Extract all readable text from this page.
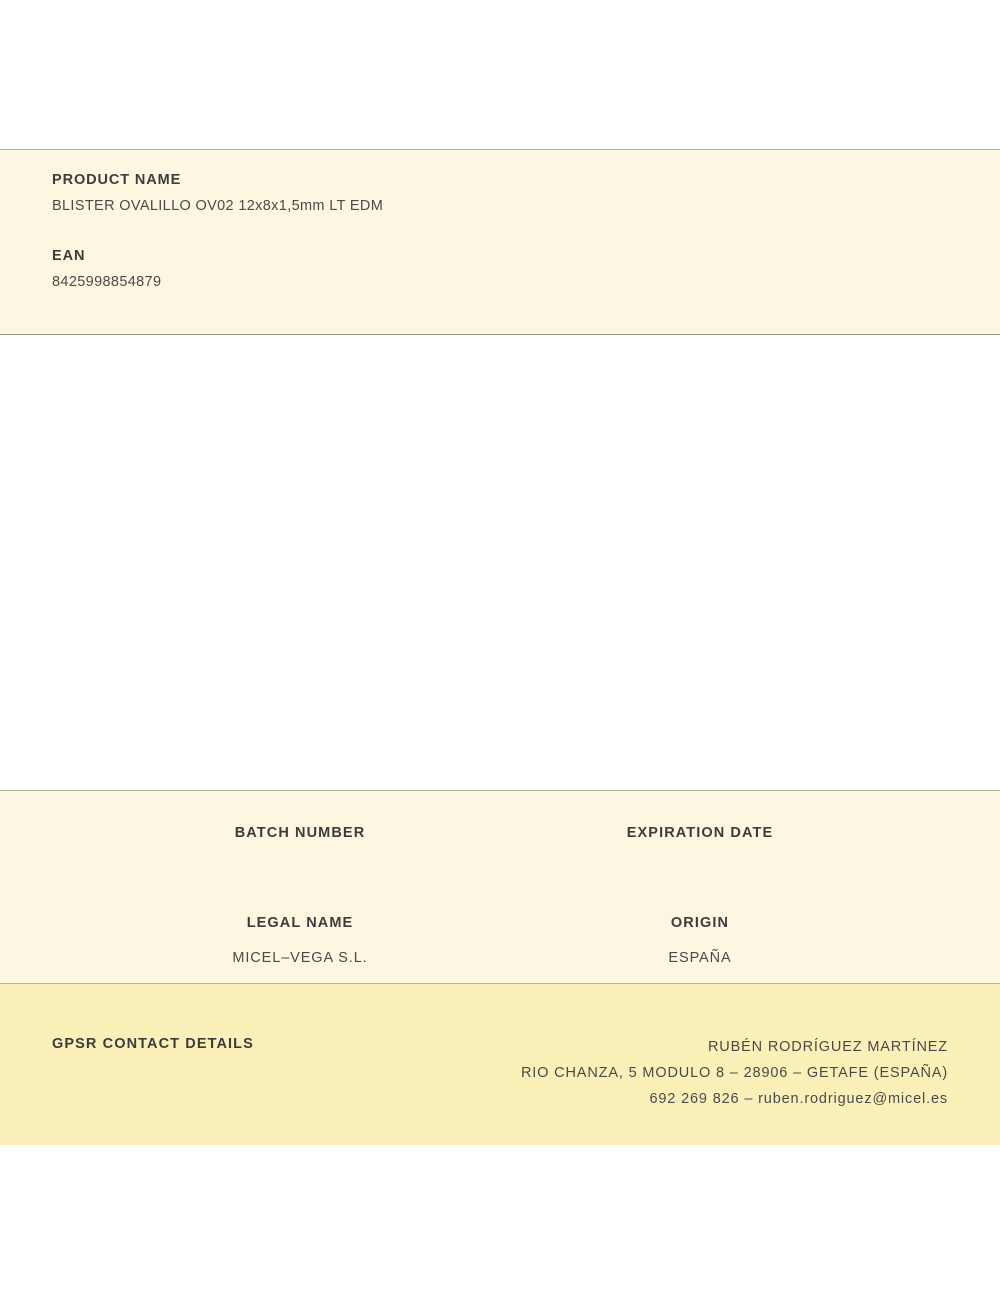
PRODUCT NAME

BLISTER OVALILLO OV02 12x8x1,5mm LT EDM

EAN

8425998854879

BATCH NUMBER	EXPIRATION DATE
LEGAL NAME
MICEL–VEGA S.L.
ORIGIN
ESPAÑA
GPSR CONTACT DETAILS	RUBÉN RODRÍGUEZ MARTÍNEZ
RIO CHANZA, 5 MODULO 8 – 28906 – GETAFE (ESPAÑA)
692 269 826 – ruben.rodriguez@micel.es
